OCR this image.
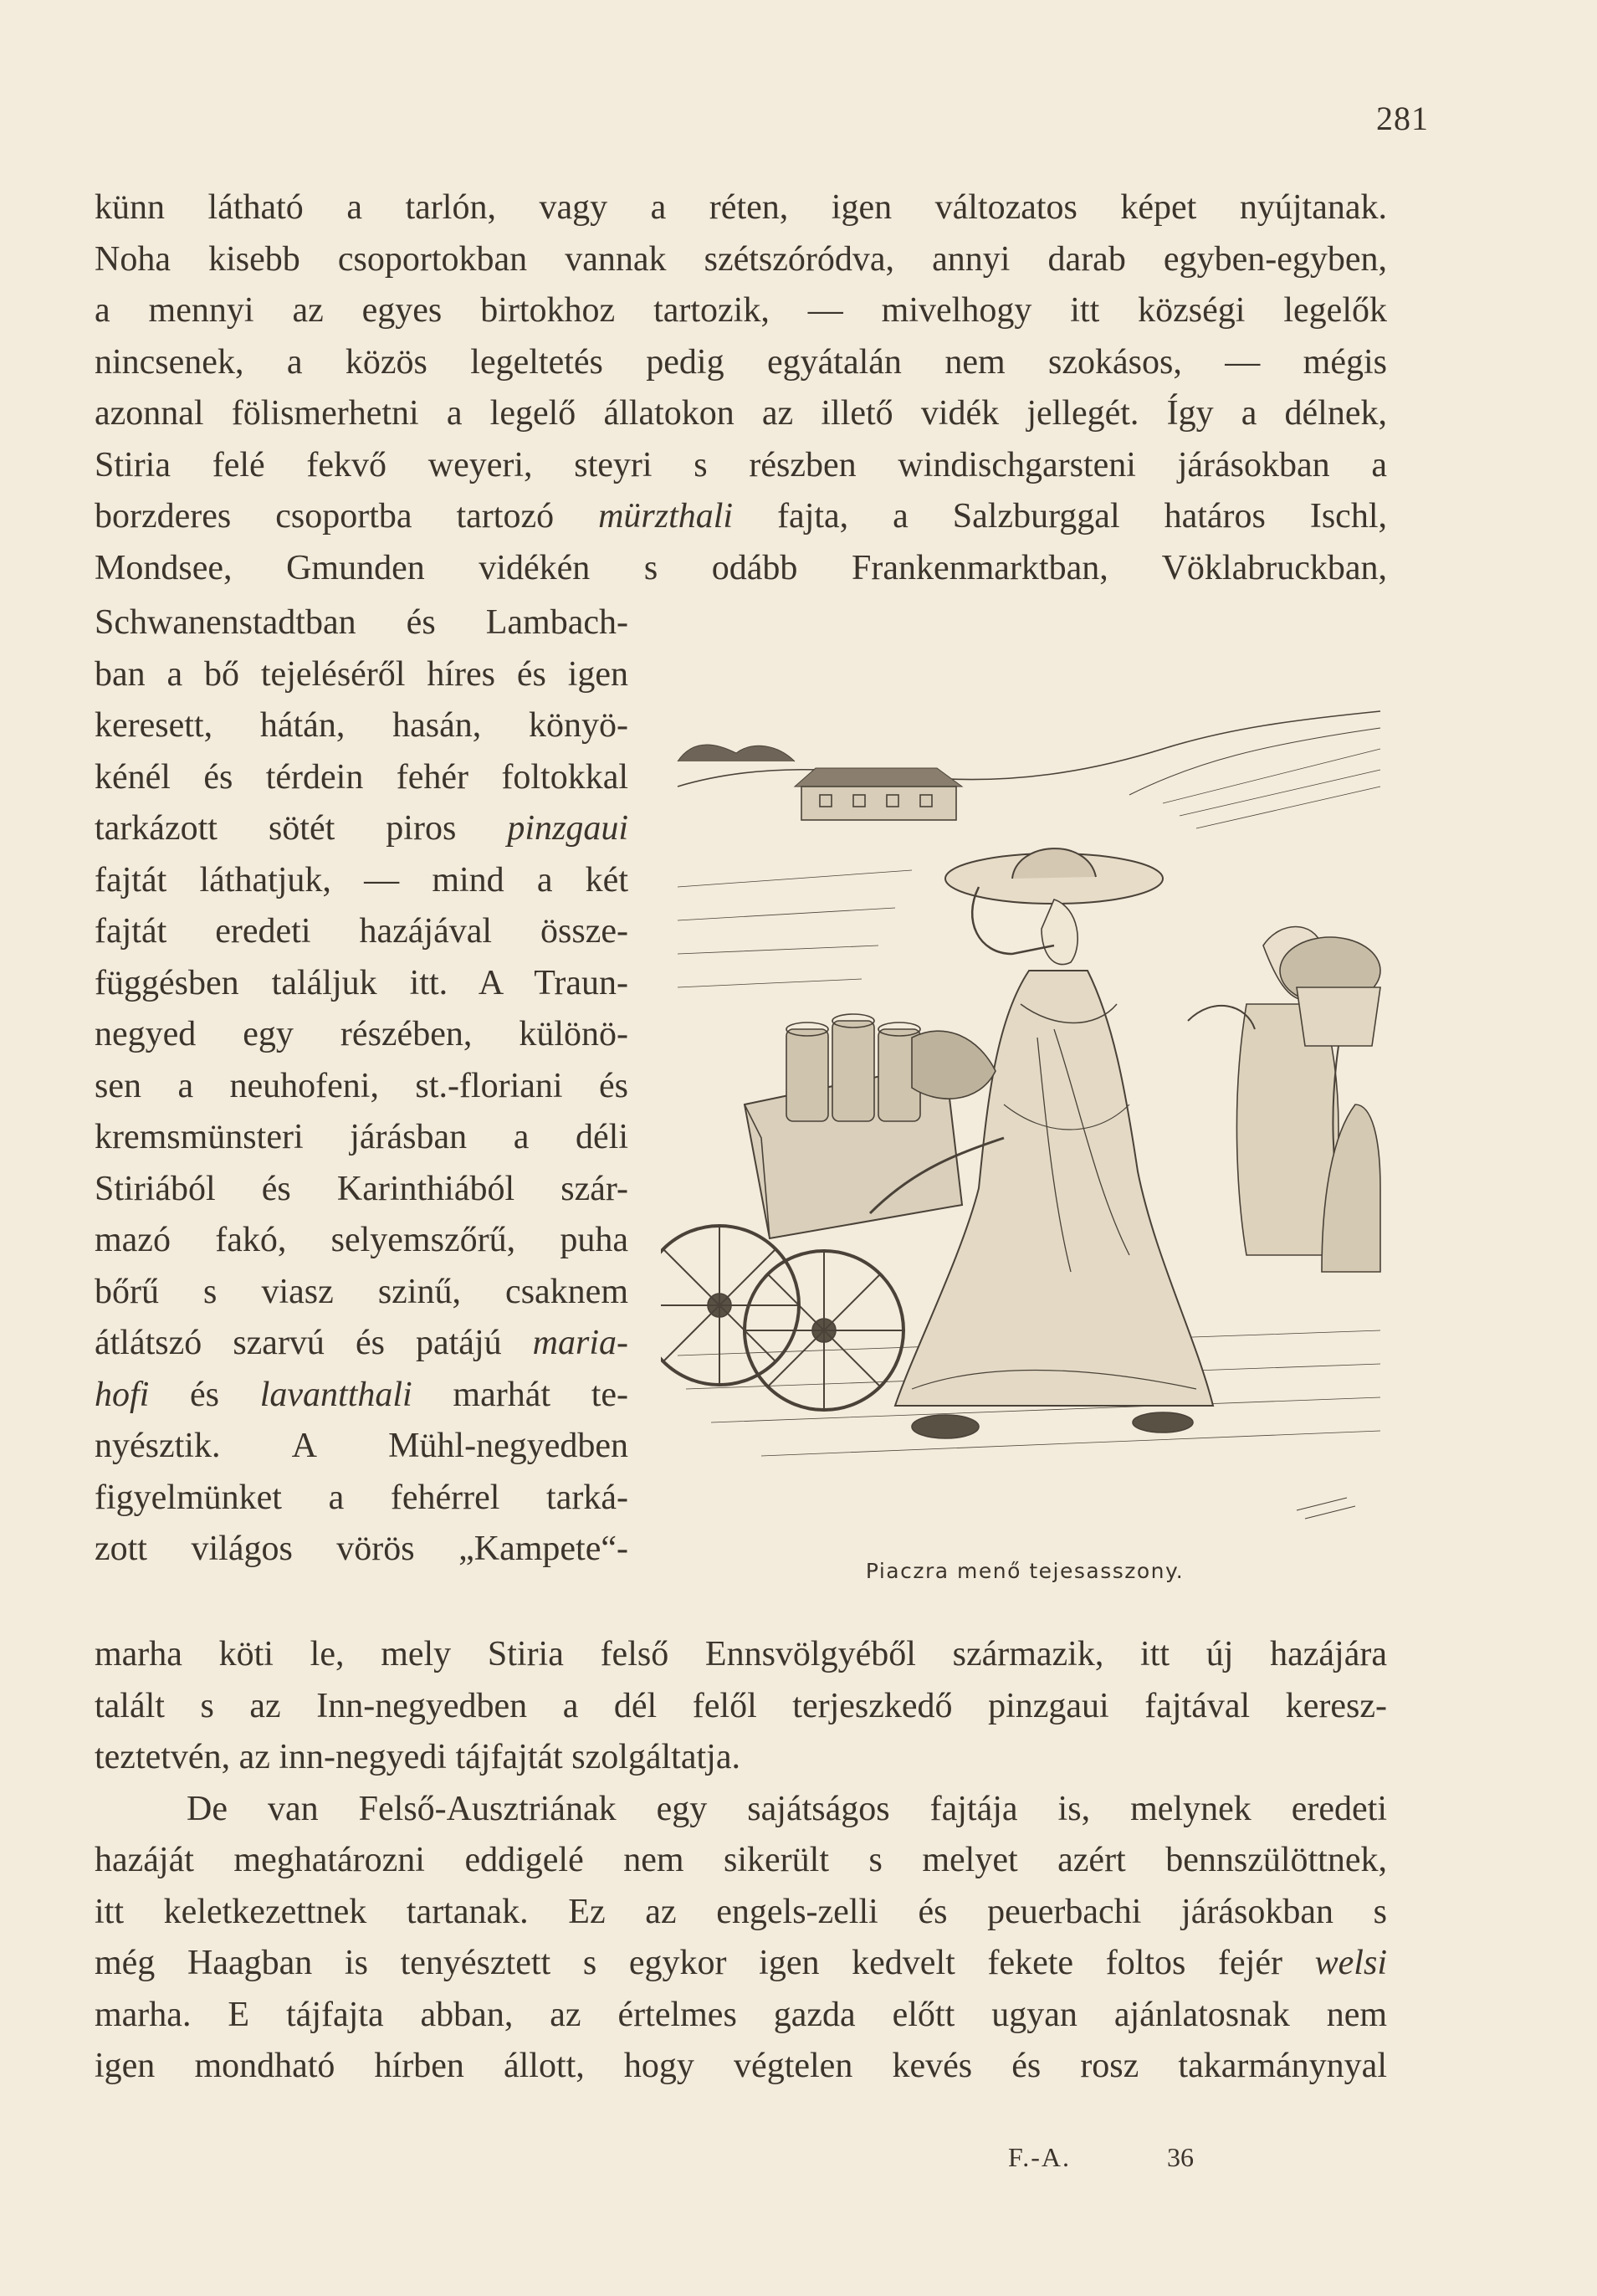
281
künn látható a tarlón, vagy a réten, igen változatos képet nyújtanak.
Noha kisebb csoportokban vannak szétszóródva, annyi darab egyben-egyben,
a mennyi az egyes birtokhoz tartozik, — mivelhogy itt községi legelők
nincsenek, a közös legeltetés pedig egyátalán nem szokásos, — mégis
azonnal fölismerhetni a legelő állatokon az illető vidék jellegét. Így a délnek,
Stiria felé fekvő weyeri, steyri s részben windischgarsteni járásokban a
borzderes csoportba tartozó mürzthali fajta, a Salzburggal határos Ischl,
Mondsee, Gmunden vidékén s odább Frankenmarktban, Vöklabruckban,
Schwanenstadtban és Lambach-
ban a bő tejeléséről híres és igen
keresett, hátán, hasán, könyö-
kénél és térdein fehér foltokkal
tarkázott sötét piros pinzgaui
fajtát láthatjuk, — mind a két
fajtát eredeti hazájával össze-
függésben találjuk itt. A Traun-
negyed egy részében, különö-
sen a neuhofeni, st.-floriani és
kremsmünsteri járásban a déli
Stiriából és Karinthiából szár-
mazó fakó, selyemszőrű, puha
bőrű s viasz szinű, csaknem
átlátszó szarvú és patájú maria-
hofi és lavantthali marhát te-
nyésztik. A Mühl-negyedben
figyelmünket a fehérrel tarká-
zott világos vörös „Kampete“-
marha köti le, mely Stiria felső Ennsvölgyéből származik, itt új hazájára
talált s az Inn-negyedben a dél felől terjeszkedő pinzgaui fajtával keresz-
teztetvén, az inn-negyedi tájfajtát szolgáltatja.
De van Felső-Ausztriának egy sajátságos fajtája is, melynek eredeti
hazáját meghatározni eddigelé nem sikerült s melyet azért bennszülöttnek,
itt keletkezettnek tartanak. Ez az engels-zelli és peuerbachi járásokban s
még Haagban is tenyésztett s egykor igen kedvelt fekete foltos fejér welsi
marha. E tájfajta abban, az értelmes gazda előtt ugyan ajánlatosnak nem
igen mondható hírben állott, hogy végtelen kevés és rosz takarmánynyal
Piaczra menő tejesasszony.
F.-A.	36
